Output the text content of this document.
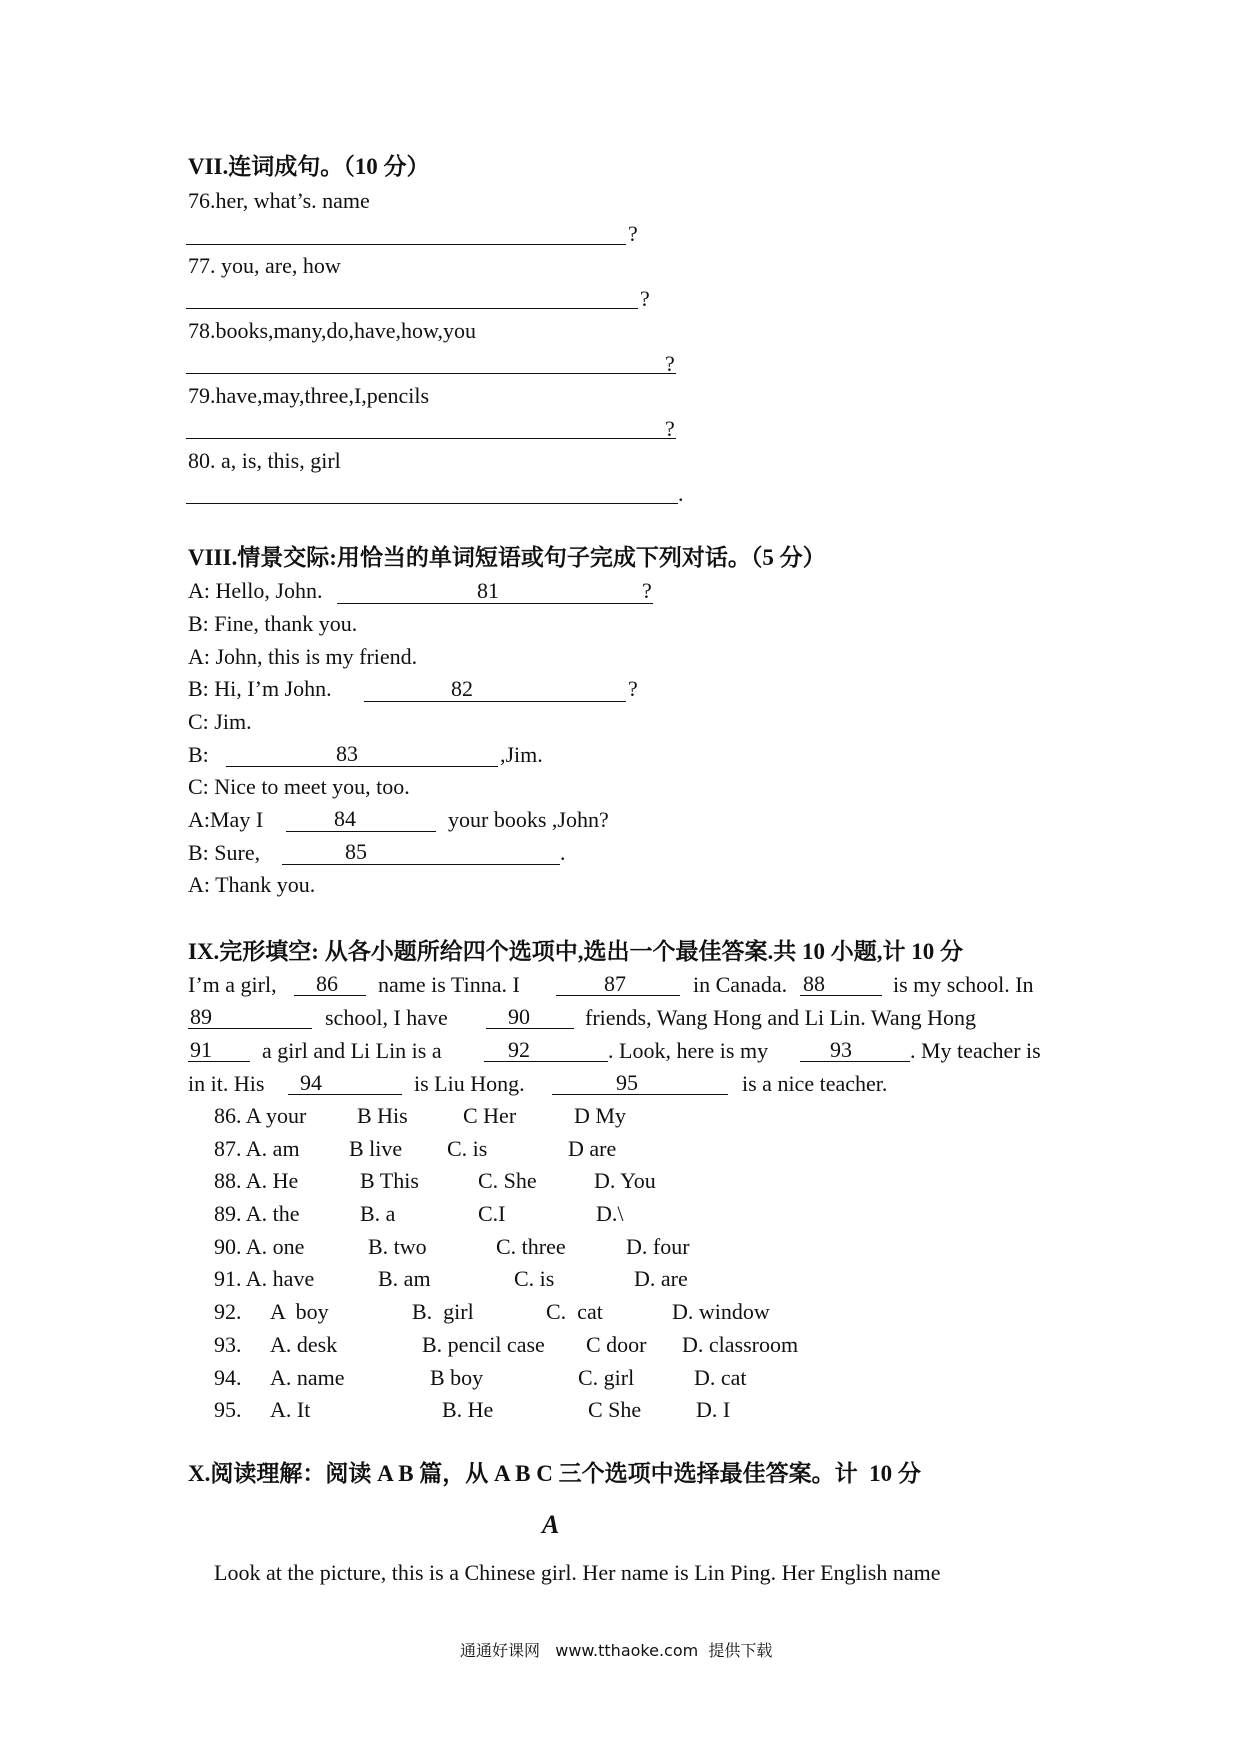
VII.连词成句。（10 分）
76.her, what’s. name
?
77. you, are, how
?
78.books,many,do,have,how,you
?
79.have,may,three,I,pencils
?
80. a, is, this, girl
.
VIII.情景交际:用恰当的单词短语或句子完成下列对话。（5 分）
A: Hello, John.	81	?
B: Fine, thank you.
A: John, this is my friend.
B: Hi, I’m John.	82	?
C: Jim.
B:	83	,Jim.
C: Nice to meet you, too.
A:May I	84	your books ,John?
B: Sure,	85	.
A: Thank you.
IX.完形填空: 从各小题所给四个选项中,选出一个最佳答案.共 10 小题,计 10 分
I’m a girl, 86 name is Tinna. I	87	in Canada. 88	is my school. In
89	school, I have	90	friends, Wang Hong and Li Lin. Wang Hong
91 a girl and Li Lin is a	92	. Look, here is my	93	. My teacher is
in it. His 94	is Liu Hong.	95	is a nice teacher.
86. A your B His	C Her	D My
87. A. am B live C. is	D are
88. A. He	B This	C. She	D. You
89. A. the	B. a	C.I	D.\
90. A. one	B. two	C. three	D. four
91. A. have	B. am	C. is	D. are
92. A  boy	B.  girl	C.  cat	D. window
93. A. desk	B. pencil case C door D. classroom
94. A. name	B boy	C. girl	D. cat
95. A. It	B. He	C She D. I
X.阅读理解：阅读 A B 篇，从 A B C 三个选项中选择最佳答案。计  10 分
A
Look at the picture, this is a Chinese girl. Her name is Lin Ping. Her English name
通通好课网   www.tthaoke.com  提供下载
